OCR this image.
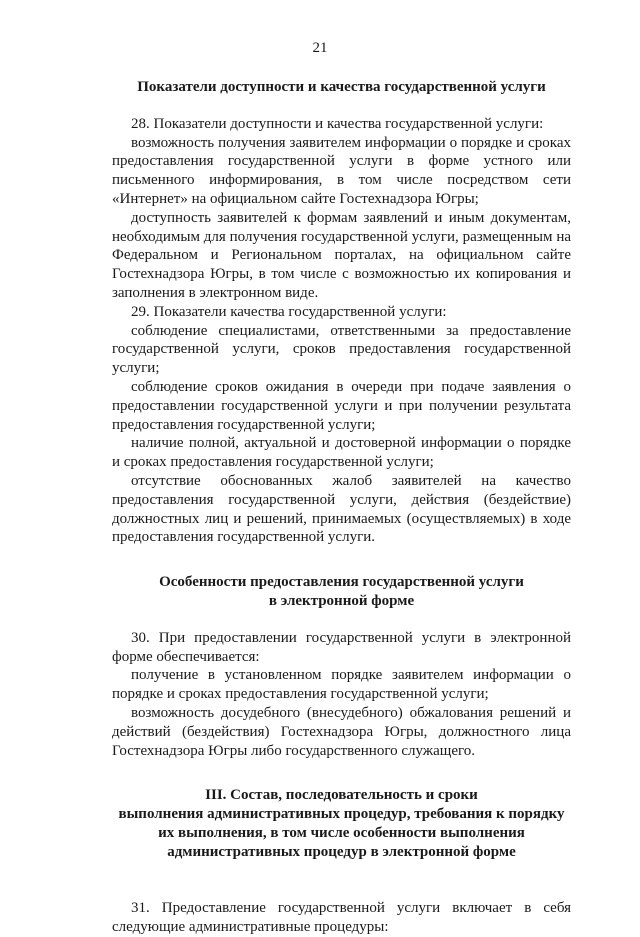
21
Показатели доступности и качества государственной услуги

28. Показатели доступности и качества государственной услуги:

возможность получения заявителем информации о порядке и сроках предоставления государственной услуги в форме устного или письменного информирования, в том числе посредством сети «Интернет» на официальном сайте Гостехнадзора Югры;

доступность заявителей к формам заявлений и иным документам, необходимым для получения государственной услуги, размещенным на Федеральном и Региональном порталах, на официальном сайте Гостехнадзора Югры, в том числе с возможностью их копирования и заполнения в электронном виде.

29. Показатели качества государственной услуги:

соблюдение специалистами, ответственными за предоставление государственной услуги, сроков предоставления государственной услуги;

соблюдение сроков ожидания в очереди при подаче заявления о предоставлении государственной услуги и при получении результата предоставления государственной услуги;

наличие полной, актуальной и достоверной информации о порядке и сроках предоставления государственной услуги;

отсутствие обоснованных жалоб заявителей на качество предоставления государственной услуги, действия (бездействие) должностных лиц и решений, принимаемых (осуществляемых) в ходе предоставления государственной услуги.

Особенности предоставления государственной услуги
в электронной форме

30. При предоставлении государственной услуги в электронной форме обеспечивается:

получение в установленном порядке заявителем информации о порядке и сроках предоставления государственной услуги;

возможность досудебного (внесудебного) обжалования решений и действий (бездействия) Гостехнадзора Югры, должностного лица Гостехнадзора Югры либо государственного служащего.

III. Состав, последовательность и сроки
выполнения административных процедур, требования к порядку
их выполнения, в том числе особенности выполнения
административных процедур в электронной форме

31. Предоставление государственной услуги включает в себя следующие административные процедуры:
